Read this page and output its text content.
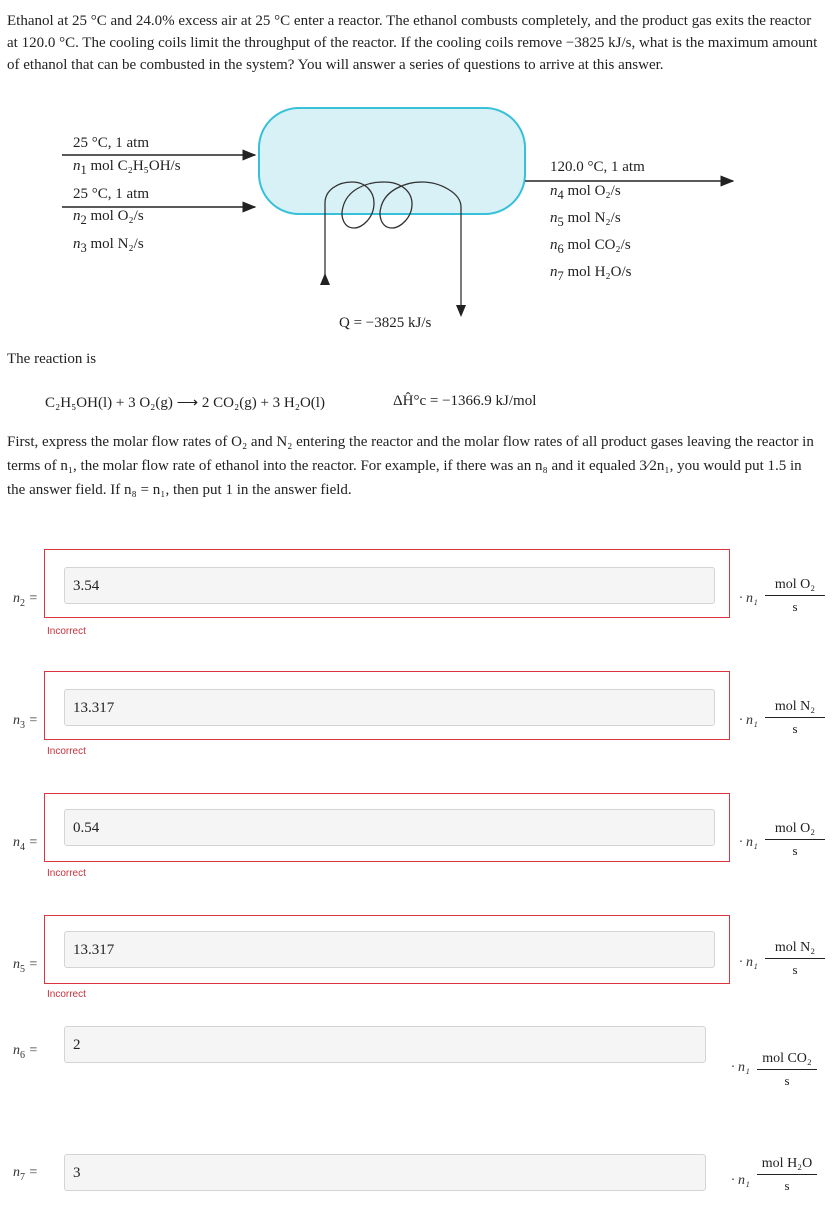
Ethanol at 25 °C and 24.0% excess air at 25 °C enter a reactor. The ethanol combusts completely, and the product gas exits the reactor at 120.0 °C. The cooling coils limit the throughput of the reactor. If the cooling coils remove −3825 kJ/s, what is the maximum amount of ethanol that can be combusted in the system? You will answer a series of questions to arrive at this answer.
25 °C, 1 atm
$n_1$ mol C₂H₅OH/s
25 °C, 1 atm
$n_2$ mol O₂/s
$n_3$ mol N₂/s
120.0 °C, 1 atm
$n_4$ mol O₂/s
$n_5$ mol N₂/s
$n_6$ mol CO₂/s
$n_7$ mol H₂O/s
Q = −3825 kJ/s
The reaction is
C₂H₅OH(l) + 3 O₂(g) ⟶ 2 CO₂(g) + 3 H₂O(l)	ΔĤ°c = −1366.9 kJ/mol
First, express the molar flow rates of O₂ and N₂ entering the reactor and the molar flow rates of all product gases leaving the reactor in terms of n₁, the molar flow rate of ethanol into the reactor. For example, if there was an n₈ and it equaled 3⁄2n₁, you would put 1.5 in the answer field. If n₈ = n₁, then put 1 in the answer field.
$n_2$ =
3.54
Incorrect
· n₁
mol O₂
s
$n_3$ =
13.317
Incorrect
· n₁
mol N₂
s
$n_4$ =
0.54
Incorrect
· n₁
mol O₂
s
$n_5$ =
13.317
Incorrect
· n₁
mol N₂
s
$n_6$ =	2
· n₁
mol CO₂
s
$n_7$ =	3	· n₁
mol H₂O
s
